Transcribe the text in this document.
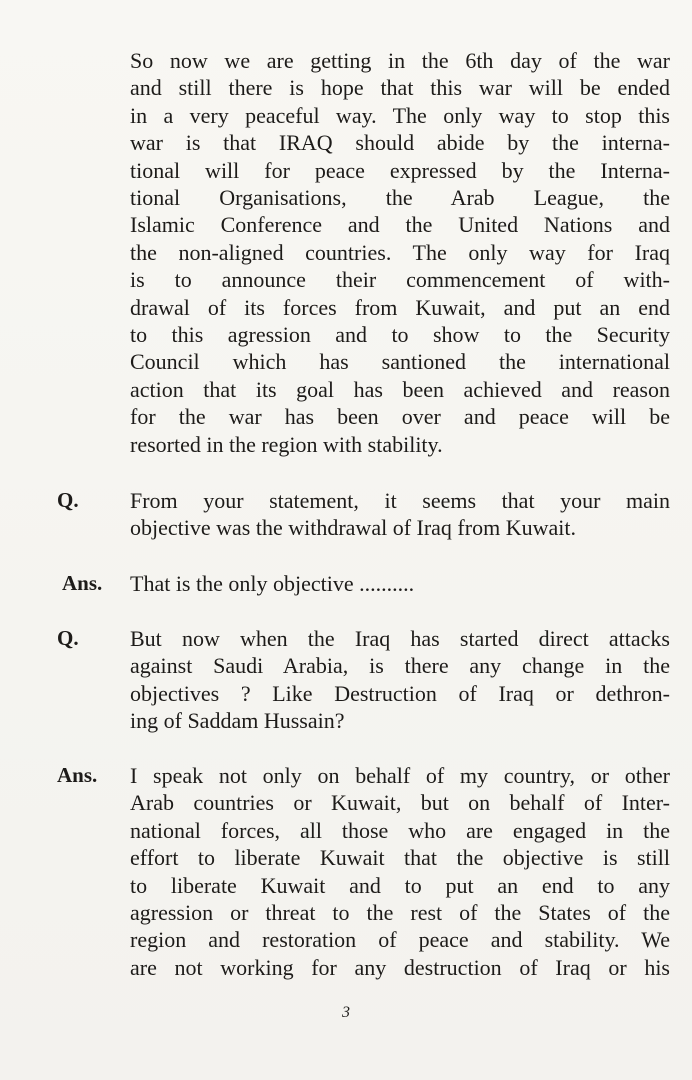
So now we are getting in the 6th day of the war
and still there is hope that this war will be ended
in a very peaceful way. The only way to stop this
war is that IRAQ should abide by the interna-
tional will for peace expressed by the Interna-
tional Organisations, the Arab League, the
Islamic Conference and the United Nations and
the non-aligned countries. The only way for Iraq
is to announce their commencement of with-
drawal of its forces from Kuwait, and put an end
to this agression and to show to the Security
Council which has santioned the international
action that its goal has been achieved and reason
for the war has been over and peace will be
resorted in the region with stability.

Q. From your statement, it seems that your main
objective was the withdrawal of Iraq from Kuwait.

Ans. That is the only objective ..........

Q. But now when the Iraq has started direct attacks
against Saudi Arabia, is there any change in the
objectives ? Like Destruction of Iraq or dethron-
ing of Saddam Hussain?

Ans. I speak not only on behalf of my country, or other
Arab countries or Kuwait, but on behalf of Inter-
national forces, all those who are engaged in the
effort to liberate Kuwait that the objective is still
to liberate Kuwait and to put an end to any
agression or threat to the rest of the States of the
region and restoration of peace and stability. We
are not working for any destruction of Iraq or his

3
